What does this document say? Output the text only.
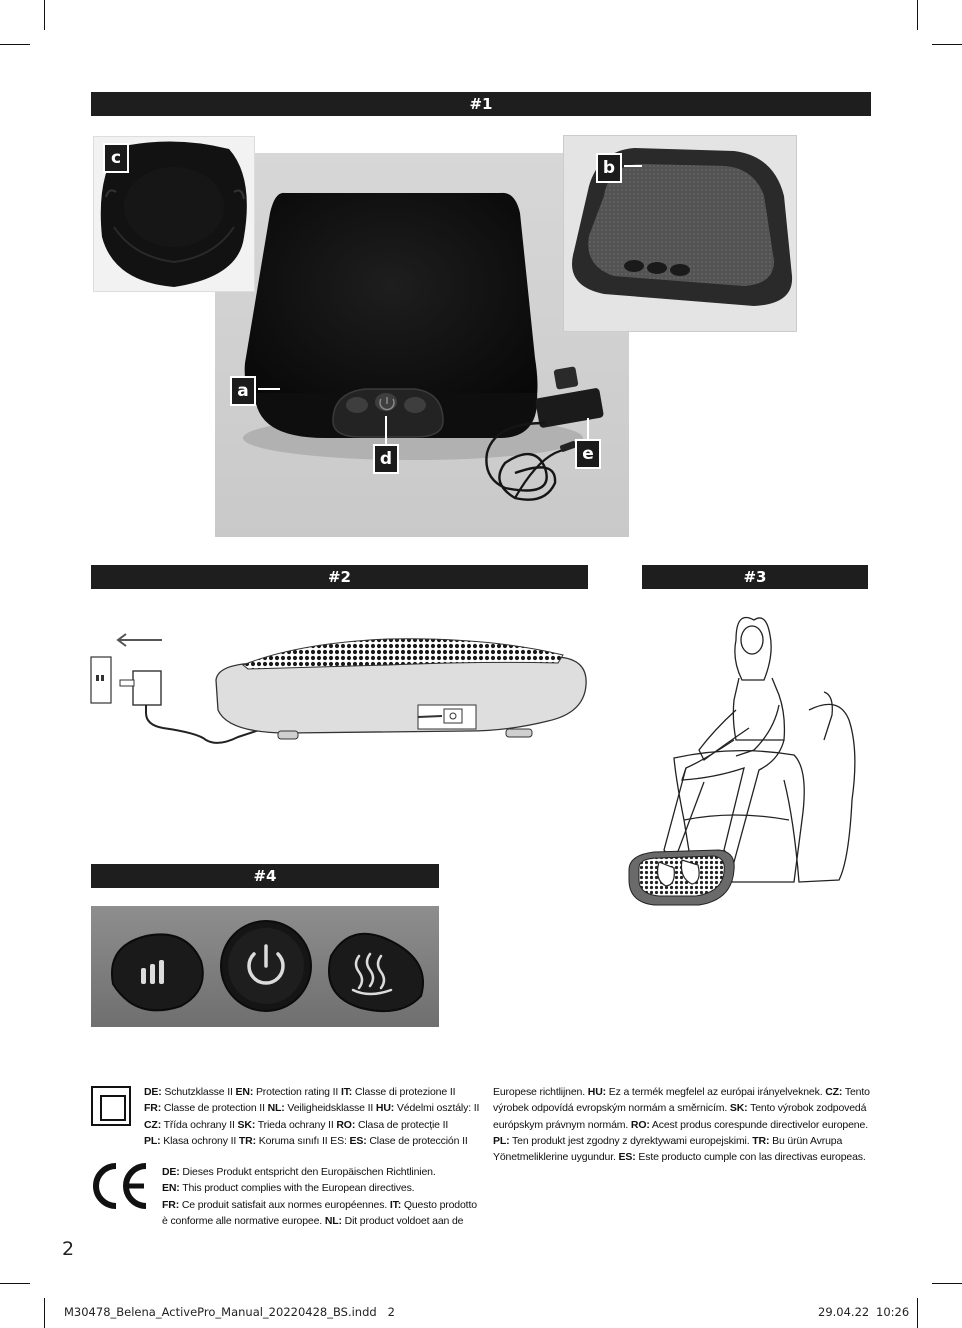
#1
c	b
a
d	e
#2	#3
#4
DE: Schutzklasse II EN: Protection rating II IT: Classe di protezione II
FR: Classe de protection II NL: Veiligheidsklasse II HU: Védelmi osztály: II
CZ: Třída ochrany II SK: Trieda ochrany II RO: Clasa de protecție II
PL: Klasa ochrony II TR: Koruma sınıfı II ES: ES: Clase de protección II
DE: Dieses Produkt entspricht den Europäischen Richtlinien.
EN: This product complies with the European directives.
FR: Ce produit satisfait aux normes européennes. IT: Questo prodotto
è conforme alle normative europee. NL: Dit product voldoet aan de
Europese richtlijnen. HU: Ez a termék megfelel az európai irányelveknek. CZ: Tento
výrobek odpovídá evropským normám a směrnicím. SK: Tento výrobok zodpovedá
európskym právnym normám. RO: Acest produs corespunde directivelor europene.
PL: Ten produkt jest zgodny z dyrektywami europejskimi. TR: Bu ürün Avrupa
Yönetmeliklerine uygundur. ES: Este producto cumple con las directivas europeas.
2
M30478_Belena_ActivePro_Manual_20220428_BS.indd   2	29.04.22 10:26
